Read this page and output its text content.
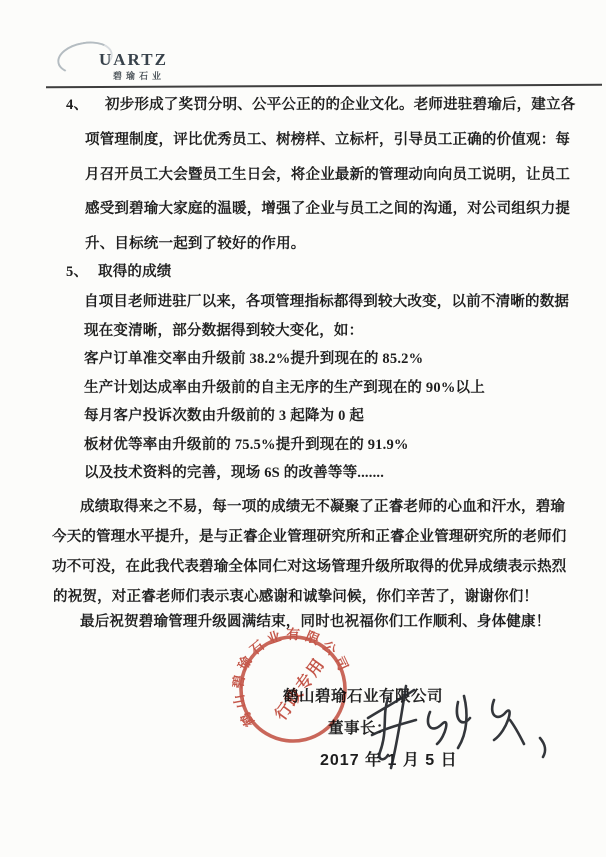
UARTZ
碧瑜石业
4、 初步形成了奖罚分明、公平公正的的企业文化。老师进驻碧瑜后，建立各
项管理制度，评比优秀员工、树榜样、立标杆，引导员工正确的价值观：每
月召开员工大会暨员工生日会，将企业最新的管理动向向员工说明，让员工
感受到碧瑜大家庭的温暖，增强了企业与员工之间的沟通，对公司组织力提
升、目标统一起到了较好的作用。
5、 取得的成绩
自项目老师进驻厂以来，各项管理指标都得到较大改变，以前不清晰的数据
现在变清晰，部分数据得到较大变化，如：
客户订单准交率由升级前 38.2%提升到现在的 85.2%
生产计划达成率由升级前的自主无序的生产到现在的 90%以上
每月客户投诉次数由升级前的 3 起降为 0 起
板材优等率由升级前的 75.5%提升到现在的 91.9%
以及技术资料的完善，现场 6S 的改善等等.......
成绩取得来之不易，每一项的成绩无不凝聚了正睿老师的心血和汗水，碧瑜
今天的管理水平提升，是与正睿企业管理研究所和正睿企业管理研究所的老师们
功不可没，在此我代表碧瑜全体同仁对这场管理升级所取得的优异成绩表示热烈
的祝贺，对正睿老师们表示衷心感谢和诚挚问候，你们辛苦了，谢谢你们！
最后祝贺碧瑜管理升级圆满结束，同时也祝福你们工作顺利、身体健康！
鹤山碧瑜石业有限公司
董事长：
2017 年 1 月 5 日
鹤山碧瑜石业有限公司
行政专用
